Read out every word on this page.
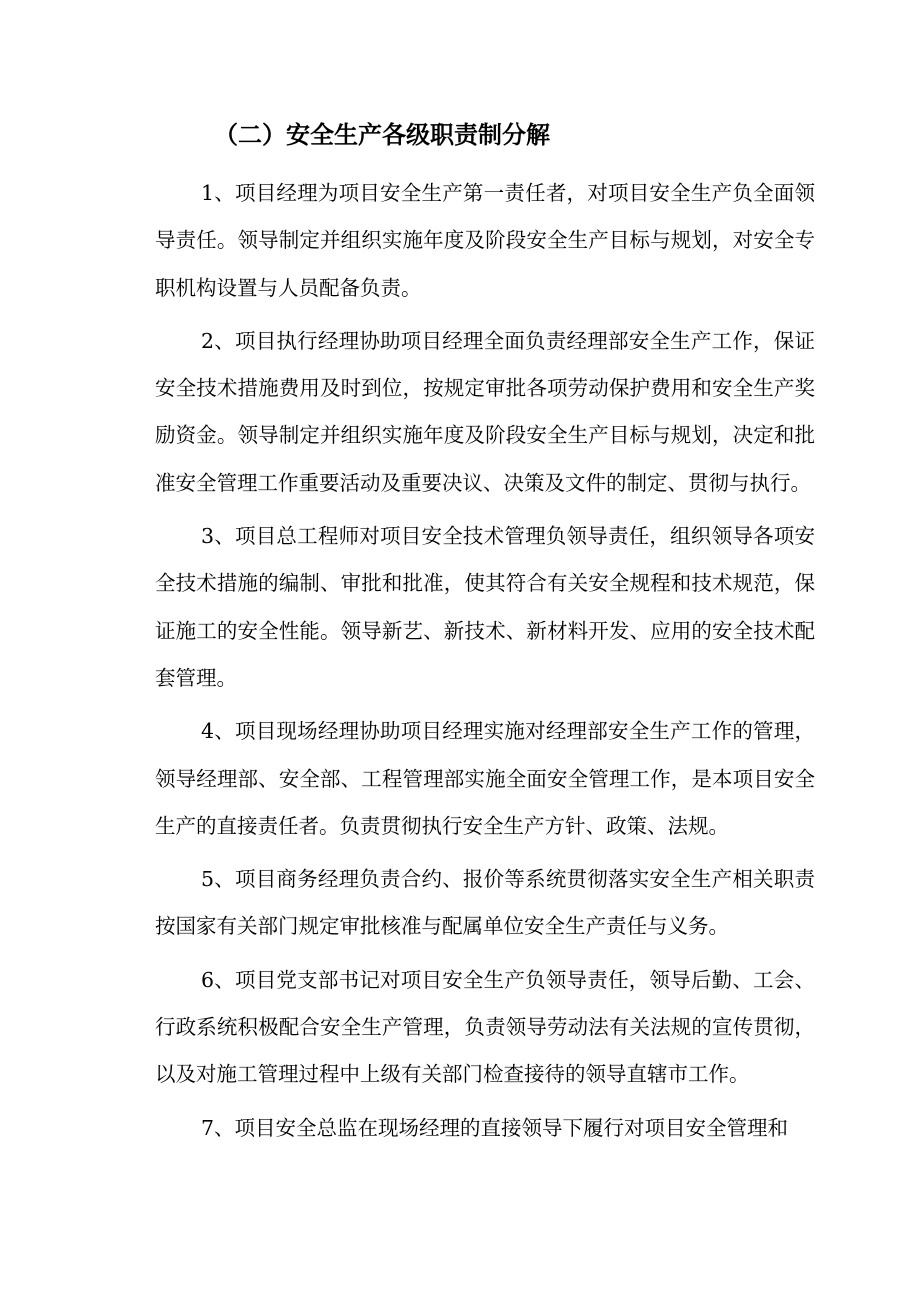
（二）安全生产各级职责制分解

1、项目经理为项目安全生产第一责任者，对项目安全生产负全面领导责任。领导制定并组织实施年度及阶段安全生产目标与规划，对安全专职机构设置与人员配备负责。

2、项目执行经理协助项目经理全面负责经理部安全生产工作，保证安全技术措施费用及时到位，按规定审批各项劳动保护费用和安全生产奖励资金。领导制定并组织实施年度及阶段安全生产目标与规划，决定和批准安全管理工作重要活动及重要决议、决策及文件的制定、贯彻与执行。

3、项目总工程师对项目安全技术管理负领导责任，组织领导各项安全技术措施的编制、审批和批准，使其符合有关安全规程和技术规范，保证施工的安全性能。领导新艺、新技术、新材料开发、应用的安全技术配套管理。

4、项目现场经理协助项目经理实施对经理部安全生产工作的管理，领导经理部、安全部、工程管理部实施全面安全管理工作，是本项目安全生产的直接责任者。负责贯彻执行安全生产方针、政策、法规。

5、项目商务经理负责合约、报价等系统贯彻落实安全生产相关职责按国家有关部门规定审批核准与配属单位安全生产责任与义务。

6、项目党支部书记对项目安全生产负领导责任，领导后勤、工会、行政系统积极配合安全生产管理，负责领导劳动法有关法规的宣传贯彻，以及对施工管理过程中上级有关部门检查接待的领导直辖市工作。

7、项目安全总监在现场经理的直接领导下履行对项目安全管理和
